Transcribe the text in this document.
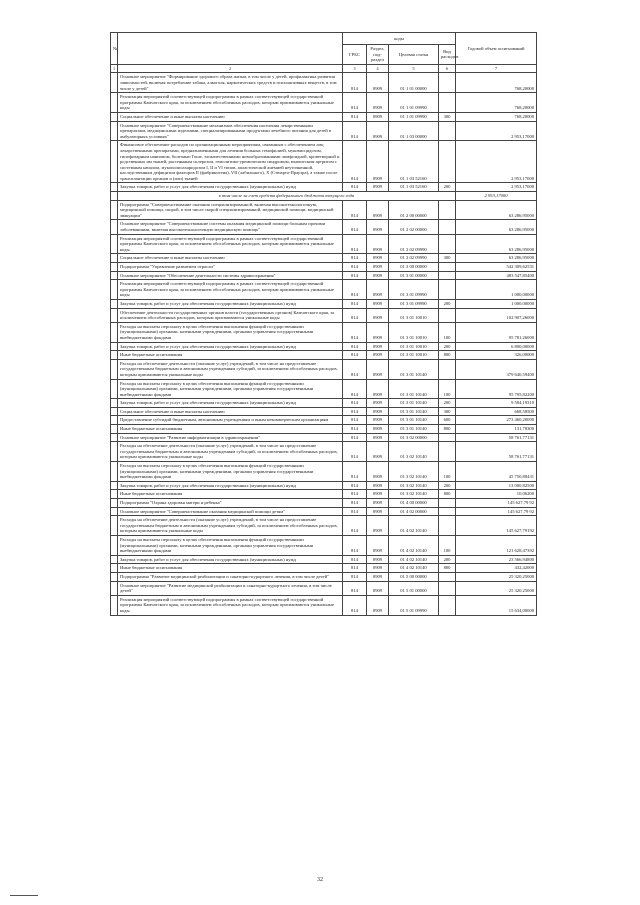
№		коды				Годовой объем ассигнований
		ГРБС	Раздел, под-раздел	Целевая статья	Вид расходов	
1	2	3	4	5	6	7
	Основное мероприятие "Формирование здорового образа жизни, в том числе у детей, профилактика развития зависимостей, включая потребление табака, алкоголя, наркотических средств и психоактивных веществ, в том числе у детей"	814	0909	01 1 01 00000		768,20000
	Реализация мероприятий соответствующей подпрограммы в рамках соответствующей государственной программы Камчатского края, за исключением обособленных расходов, которым присваиваются уникальные коды	814	0909	01 1 01 09990		768,20000
	Социальное обеспечение и иные выплаты населению	814	0909	01 1 01 09990	300	768,20000
	Основное мероприятие "Совершенствование механизмов обеспечения населения лекарственными препаратами, медицинскими изделиями, специализированными продуктами лечебного питания для детей в амбулаторных условиях"	814	0909	01 1 03 00000		2 953,17000
	Финансовое обеспечение расходов по организационным мероприятиям, связанным с обеспечением лиц лекарственными препаратами, предназначенными для лечения больных гемофилией, муковисцидозом, гипофизарным нанизмом, болезнью Гоше, злокачественными новообразованиями лимфоидной, кроветворной и родственных им тканей, рассеянным склерозом, гемолитико-уремическим синдромом, юношеским артритом с системным началом, мукополисахаридозом I, II и VI типов, апластической анемией неуточненной, наследственным дефицитом факторов II (фибриногена), VII (лабильного), X (Стюарта-Прауэра), а также после трансплантации органов и (или) тканей	814	0909	01 1 03 52160		2 953,17000
	Закупка товаров, работ и услуг для обеспечения государственных (муниципальных) нужд	814	0909	01 1 03 52160	200	2 953,17000
	в том числе за счет средств федерального бюджета текущего года					2 953,17000
	Подпрограмма "Совершенствование оказания специализированной, включая высокотехнологичную, медицинской помощи, скорой, в том числе скорой специализированной, медицинской помощи, медицинской эвакуации"	814	0909	01 2 00 00000		63 286,95000
	Основное мероприятие "Совершенствование системы оказания медицинской помощи больным прочими заболеваниями, включая высокотехнологичную медицинскую помощь"	814	0909	01 2 02 00000		63 286,95000
	Реализация мероприятий соответствующей подпрограммы в рамках соответствующей государственной программы Камчатского края, за исключением обособленных расходов, которым присваиваются уникальные коды	814	0909	01 2 02 09990		63 286,95000
	Социальное обеспечение и иные выплаты населению	814	0909	01 2 02 09990	300	63 286,95000
	Подпрограмма "Управление развитием отрасли"	814	0909	01 3 00 00000		542 309,62531
	Основное мероприятие "Обеспечение деятельности системы здравоохранения"	814	0909	01 3 01 00000		483 547,85400
	Реализация мероприятий соответствующей подпрограммы в рамках соответствующей государственной программы Камчатского края, за исключением обособленных расходов, которым присваиваются уникальные коды	814	0909	01 3 01 09990		1 000,00000
	Закупка товаров, работ и услуг для обеспечения государственных (муниципальных) нужд	814	0909	01 3 01 09990	200	1 000,00000
	Обеспечение деятельности государственных органов власти (государственных органов) Камчатского края, за исключением обособленных расходов, которым присваиваются уникальные коды	814	0909	01 3 01 10010		102 907,26000
	Расходы на выплаты персоналу в целях обеспечения выполнения функций государственными (муниципальными) органами, казенными учреждениями, органами управления государственными внебюджетными фондами	814	0909	01 3 01 10010	100	95 781,26000
	Закупка товаров, работ и услуг для обеспечения государственных (муниципальных) нужд	814	0909	01 3 01 10010	200	6 800,00000
	Иные бюджетные ассигнования	814	0909	01 3 01 10010	800	326,00000
	Расходы на обеспечение деятельности (оказание услуг) учреждений, в том числе на предоставление государственным бюджетным и автономным учреждениям субсидий, за исключением обособленных расходов, которым присваиваются уникальные коды	814	0909	01 3 01 10140		379 640,59400
	Расходы на выплаты персоналу в целях обеспечения выполнения функций государственными (муниципальными) органами, казенными учреждениями, органами управления государственными внебюджетными фондами	814	0909	01 3 01 10140	100	95 795,82200
	Закупка товаров, работ и услуг для обеспечения государственных (муниципальных) нужд	814	0909	01 3 01 10140	200	9 584,19310
	Социальное обеспечение и иные выплаты населению	814	0909	01 3 01 10140	300	668,58500
	Предоставление субсидий бюджетным, автономным учреждениям и иным некоммерческим организациям	814	0909	01 3 01 10140	600	273 460,20000
	Иные бюджетные ассигнования	814	0909	01 3 01 10140	800	131,78300
	Основное мероприятие "Развитие информатизации в здравоохранении"	814	0909	01 3 02 00000		58 761,77131
	Расходы на обеспечение деятельности (оказание услуг) учреждений, в том числе на предоставление государственным бюджетным и автономным учреждениям субсидий, за исключением обособленных расходов, которым присваиваются уникальные коды	814	0909	01 3 02 10140		58 761,77131
	Расходы на выплаты персоналу в целях обеспечения выполнения функций государственными (муниципальными) органами, казенными учреждениями, органами управления государственными внебюджетными фондами	814	0909	01 3 02 10140	100	45 750,88431
	Закупка товаров, работ и услуг для обеспечения государственных (муниципальных) нужд	814	0909	01 3 02 10140	200	13 000,82500
	Иные бюджетные ассигнования	814	0909	01 3 02 10140	800	10,06200
	Подпрограмма "Охрана здоровья матери и ребенка"	814	0909	01 4 00 00000		145 627,79 92
	Основное мероприятие "Совершенствование оказания медицинской помощи детям"	814	0909	01 4 02 00000		145 627,79 92
	Расходы на обеспечение деятельности (оказание услуг) учреждений, в том числе на предоставление государственным бюджетным и автономным учреждениям субсидий, за исключением обособленных расходов, которым присваиваются уникальные коды	814	0909	01 4 02 10140		145 627,79192
	Расходы на выплаты персоналу в целях обеспечения выполнения функций государственными (муниципальными) органами, казенными учреждениями, органами управления государственными внебюджетными фондами	814	0909	01 4 02 10140	100	121 628,47392
	Закупка товаров, работ и услуг для обеспечения государственных (муниципальных) нужд	814	0909	01 4 02 10140	200	23 566,94800
	Иные бюджетные ассигнования	814	0909	01 4 02 10140	800	432,42000
	Подпрограмма "Развитие медицинской реабилитации и санаторно-курортного лечения, в том числе детей"	814	0909	01 5 00 00000		25 320,25000
	Основное мероприятие "Развитие медицинской реабилитации и санаторно-курортного лечения, в том числе детей"	814	0909	01 5 01 00000		25 320,25000
	Реализация мероприятий соответствующей подпрограммы в рамках соответствующей государственной программы Камчатского края, за исключением обособленных расходов, которым присваиваются уникальные коды	814	0909	01 5 01 09990		15 634,00000
32
